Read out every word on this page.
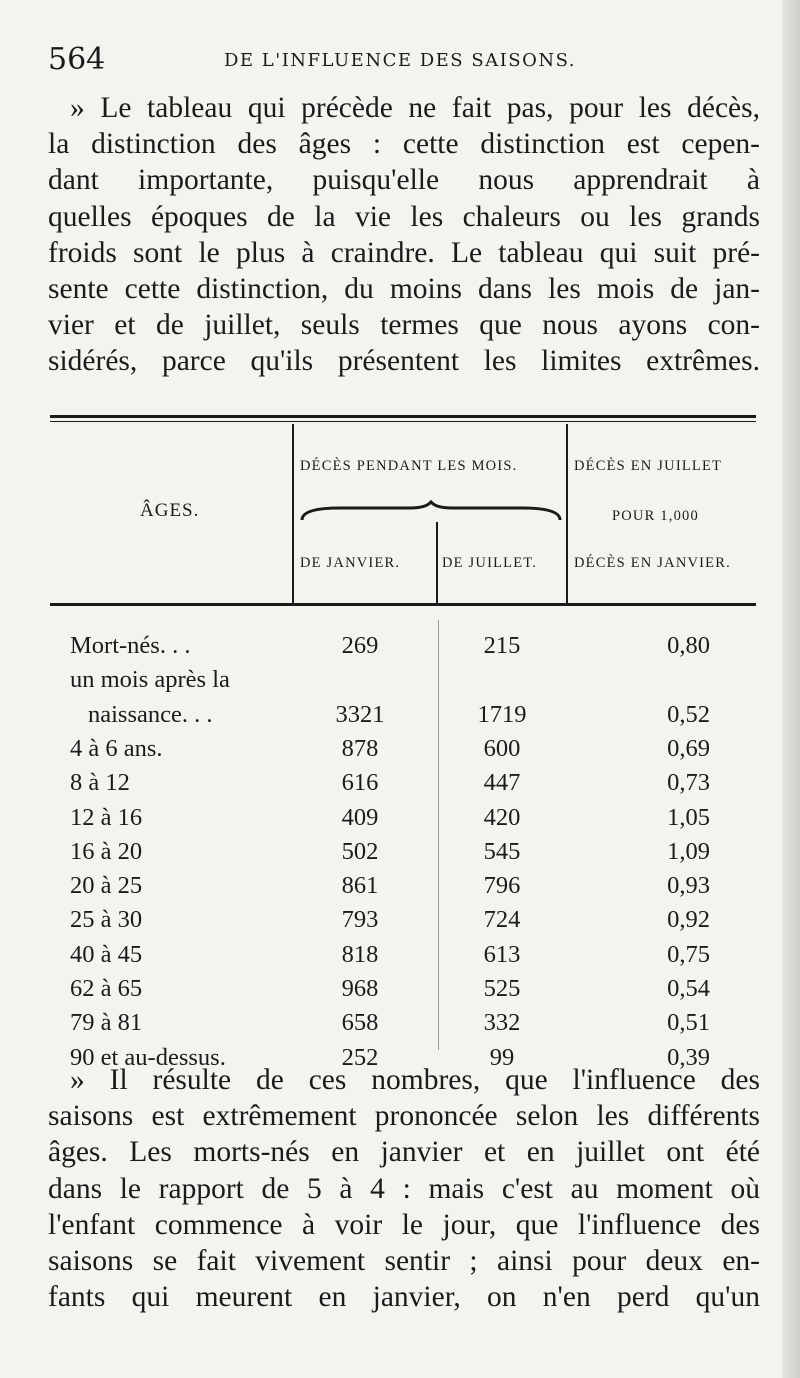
564	DE L'INFLUENCE DES SAISONS.

» Le tableau qui précède ne fait pas, pour les décès,
la distinction des âges : cette distinction est cepen-
dant importante, puisqu'elle nous apprendrait à
quelles époques de la vie les chaleurs ou les grands
froids sont le plus à craindre. Le tableau qui suit pré-
sente cette distinction, du moins dans les mois de jan-
vier et de juillet, seuls termes que nous ayons con-
sidérés, parce qu'ils présentent les limites extrêmes.

ÂGES.
DÉCÈS PENDANT LES MOIS.	DÉCÈS EN JUILLET
POUR 1,000
DE JANVIER.	DE JUILLET.	DÉCÈS EN JANVIER.
Mort-nés. . .	269	215	0,80
un mois après la
naissance. . .	3321	1719	0,52
4 à 6 ans.	878	600	0,69
8 à 12	616	447	0,73
12 à 16	409	420	1,05
16 à 20	502	545	1,09
20 à 25	861	796	0,93
25 à 30	793	724	0,92
40 à 45	818	613	0,75
62 à 65	968	525	0,54
79 à 81	658	332	0,51
90 et au-dessus.	252	99	0,39

» Il résulte de ces nombres, que l'influence des
saisons est extrêmement prononcée selon les différents
âges. Les morts-nés en janvier et en juillet ont été
dans le rapport de 5 à 4 : mais c'est au moment où
l'enfant commence à voir le jour, que l'influence des
saisons se fait vivement sentir ; ainsi pour deux en-
fants qui meurent en janvier, on n'en perd qu'un
